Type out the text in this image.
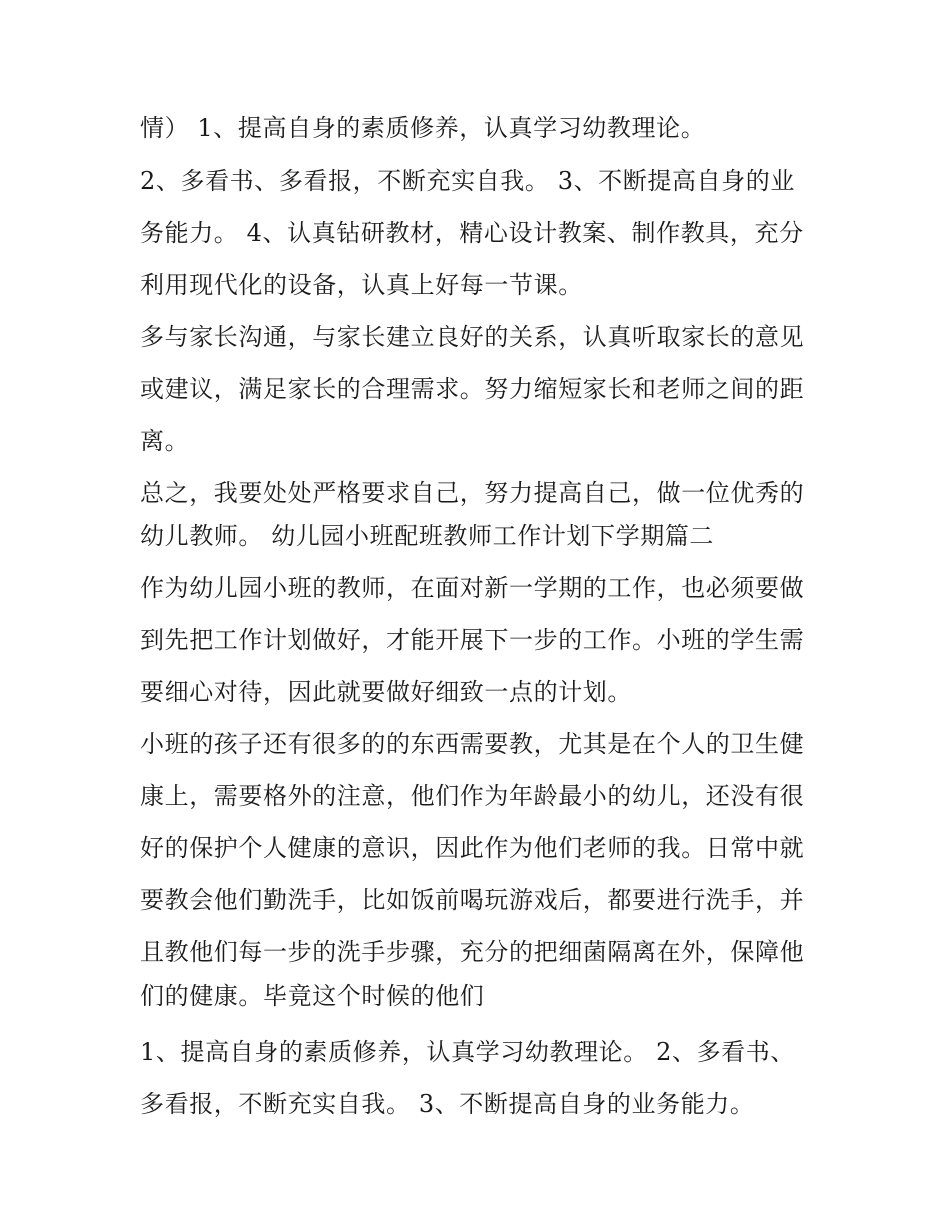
情） 1、提高自身的素质修养，认真学习幼教理论。
2、多看书、多看报，不断充实自我。 3、不断提高自身的业
务能力。 4、认真钻研教材，精心设计教案、制作教具，充分
利用现代化的设备，认真上好每一节课。
多与家长沟通，与家长建立良好的关系，认真听取家长的意见
或建议，满足家长的合理需求。努力缩短家长和老师之间的距
离。
总之，我要处处严格要求自己，努力提高自己，做一位优秀的
幼儿教师。 幼儿园小班配班教师工作计划下学期篇二
作为幼儿园小班的教师，在面对新一学期的工作，也必须要做
到先把工作计划做好，才能开展下一步的工作。小班的学生需
要细心对待，因此就要做好细致一点的计划。
小班的孩子还有很多的的东西需要教，尤其是在个人的卫生健
康上，需要格外的注意，他们作为年龄最小的幼儿，还没有很
好的保护个人健康的意识，因此作为他们老师的我。日常中就
要教会他们勤洗手，比如饭前喝玩游戏后，都要进行洗手，并
且教他们每一步的洗手步骤，充分的把细菌隔离在外，保障他
们的健康。毕竟这个时候的他们
1、提高自身的素质修养，认真学习幼教理论。 2、多看书、
多看报，不断充实自我。 3、不断提高自身的业务能力。
